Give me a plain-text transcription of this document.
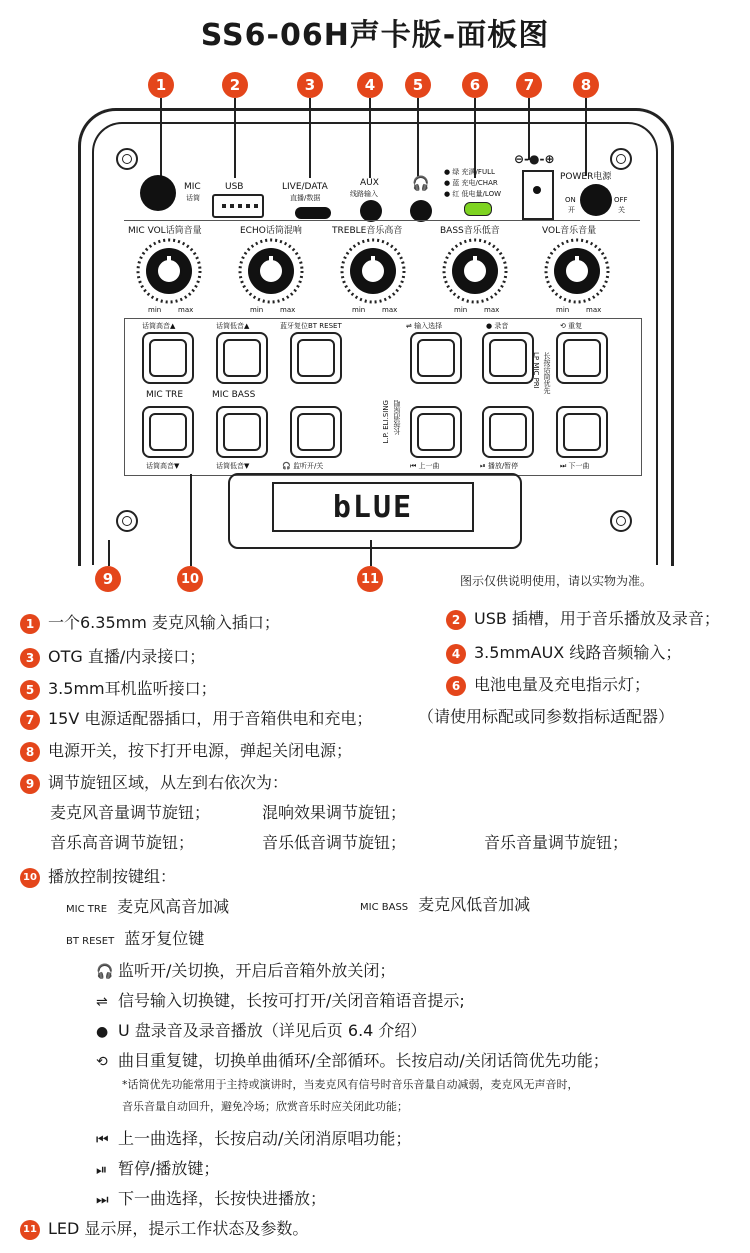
SS6-06H声卡版-面板图
1	2	3	4	5	6	7	8
MIC
话筒
USB	LIVE/DATA
直播/数据
AUX
线路输入
🎧
● 绿 充满/FULL
● 蓝 充电/CHAR
● 红 低电量/LOW
⊖-●-⊕
POWER电源
ON
开
OFF
关
MIC VOL话筒音量	ECHO话筒混响	TREBLE音乐高音	BASS音乐低音	VOL音乐音量
min max	min max	min max	min max	min max
话筒高音▲	话筒低音▲	蓝牙复位BT RESET	⇌ 输入选择	● 录音	⟲ 重复
LP MIC PRI 长按话筒优先
MIC TRE	MIC BASS
L.P. ELI.SING 长按消原唱
话筒高音▼	话筒低音▼	🎧 监听开/关	⏮ 上一曲	⏯ 播放/暂停	⏭ 下一曲
bLUE
9	10	11	图示仅供说明使用，请以实物为准。
1 一个6.35mm 麦克风输入插口；	2 USB 插槽，用于音乐播放及录音；
3 OTG 直播/内录接口；	4 3.5mmAUX 线路音频输入；
5 3.5mm耳机监听接口；	6 电池电量及充电指示灯；
7 15V 电源适配器插口，用于音箱供电和充电；	（请使用标配或同参数指标适配器）
8 电源开关，按下打开电源，弹起关闭电源；
9 调节旋钮区域，从左到右依次为：
麦克风音量调节旋钮；	混响效果调节旋钮；
音乐高音调节旋钮；	音乐低音调节旋钮；	音乐音量调节旋钮；
10 播放控制按键组：
MIC TRE 麦克风高音加减	MIC BASS 麦克风低音加减
BT RESET 蓝牙复位键
🎧 监听开/关切换，开启后音箱外放关闭；
⇌ 信号输入切换键，长按可打开/关闭音箱语音提示;
● U 盘录音及录音播放（详见后页 6.4 介绍）
⟲ 曲目重复键，切换单曲循环/全部循环。长按启动/关闭话筒优先功能；
*话筒优先功能常用于主持或演讲时，当麦克风有信号时音乐音量自动减弱，麦克风无声音时，
音乐音量自动回升，避免冷场；欣赏音乐时应关闭此功能；
⏮ 上一曲选择，长按启动/关闭消原唱功能；
⏯ 暂停/播放键；
⏭ 下一曲选择，长按快进播放；
11 LED 显示屏，提示工作状态及参数。
